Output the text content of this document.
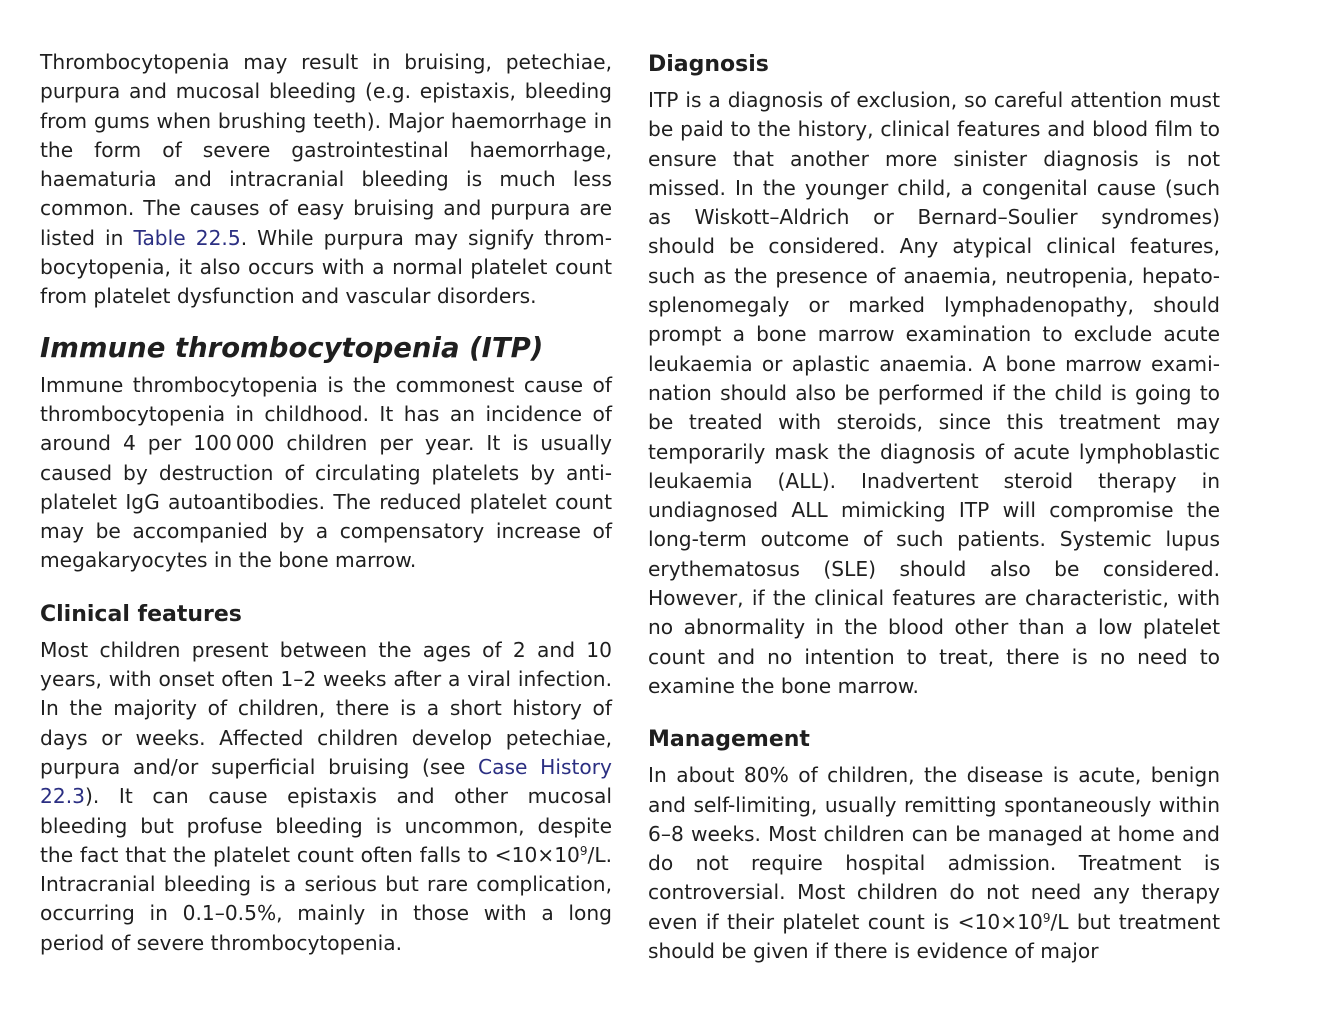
Thrombocytopenia may result in bruising, petechiae, purpura and mucosal bleeding (e.g. epistaxis, bleeding from gums when brushing teeth). Major haemorrhage in the form of severe gastrointestinal haemorrhage, haematuria and intracranial bleeding is much less common. The causes of easy bruising and purpura are listed in Table 22.5. While purpura may signify thrombocytopenia, it also occurs with a normal platelet count from platelet dysfunction and vascular disorders.

Immune thrombocytopenia (ITP)

Immune thrombocytopenia is the commonest cause of thrombocytopenia in childhood. It has an incidence of around 4 per 100 000 children per year. It is usually caused by destruction of circulating platelets by antiplatelet IgG autoantibodies. The reduced platelet count may be accompanied by a compensatory increase of megakaryocytes in the bone marrow.

Clinical features

Most children present between the ages of 2 and 10 years, with onset often 1–2 weeks after a viral infection. In the majority of children, there is a short history of days or weeks. Affected children develop petechiae, purpura and/or superficial bruising (see Case History 22.3). It can cause epistaxis and other mucosal bleeding but profuse bleeding is uncommon, despite the fact that the platelet count often falls to $<10\times 10^9/L$. Intracranial bleeding is a serious but rare complication, occurring in 0.1–0.5%, mainly in those with a long period of severe thrombocytopenia.

Diagnosis

ITP is a diagnosis of exclusion, so careful attention must be paid to the history, clinical features and blood film to ensure that another more sinister diagnosis is not missed. In the younger child, a congenital cause (such as Wiskott–Aldrich or Bernard–Soulier syndromes) should be considered. Any atypical clinical features, such as the presence of anaemia, neutropenia, hepatosplenomegaly or marked lymphadenopathy, should prompt a bone marrow examination to exclude acute leukaemia or aplastic anaemia. A bone marrow examination should also be performed if the child is going to be treated with steroids, since this treatment may temporarily mask the diagnosis of acute lymphoblastic leukaemia (ALL). Inadvertent steroid therapy in undiagnosed ALL mimicking ITP will compromise the long-term outcome of such patients. Systemic lupus erythematosus (SLE) should also be considered. However, if the clinical features are characteristic, with no abnormality in the blood other than a low platelet count and no intention to treat, there is no need to examine the bone marrow.

Management

In about 80% of children, the disease is acute, benign and self-limiting, usually remitting spontaneously within 6–8 weeks. Most children can be managed at home and do not require hospital admission. Treatment is controversial. Most children do not need any therapy even if their platelet count is $<10\times 10^9/L$ but treatment should be given if there is evidence of major
